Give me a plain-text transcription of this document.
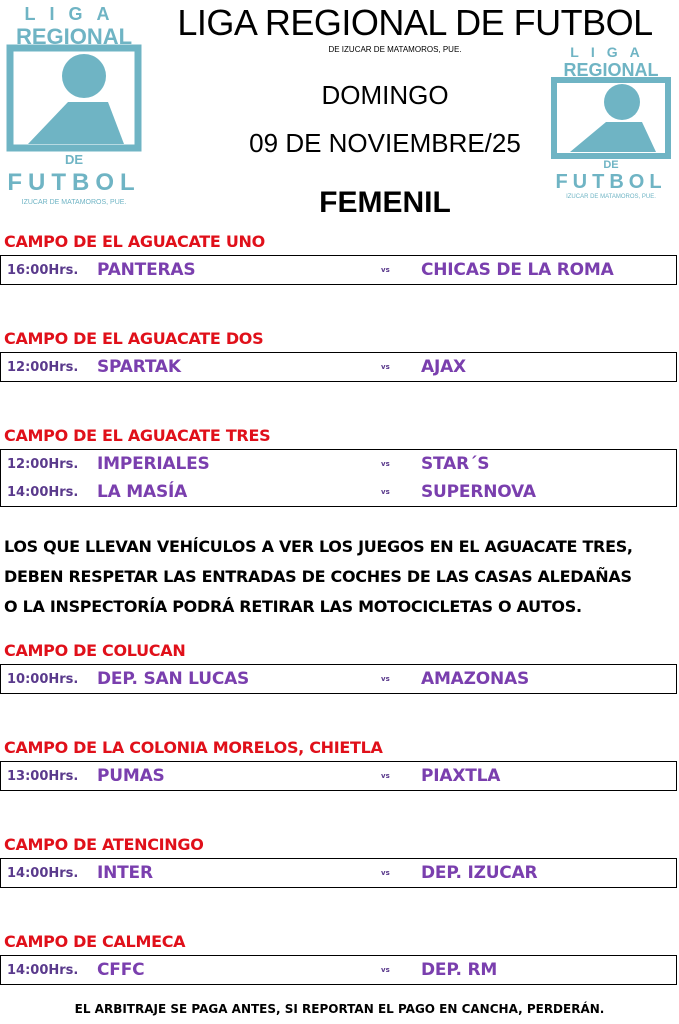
LIGA
REGIONAL
DE
FUTBOL
IZUCAR DE MATAMOROS, PUE.
LIGA
REGIONAL
DE
FUTBOL
IZUCAR DE MATAMOROS, PUE.
LIGA REGIONAL DE FUTBOL
DE IZUCAR DE MATAMOROS, PUE.
DOMINGO
09 DE NOVIEMBRE/25
FEMENIL
CAMPO DE EL AGUACATE UNO
16:00Hrs. PANTERAS	vs CHICAS DE LA ROMA
CAMPO DE EL AGUACATE DOS
12:00Hrs. SPARTAK	vs AJAX
CAMPO DE EL AGUACATE TRES
12:00Hrs. IMPERIALES	vs STAR´S
14:00Hrs. LA MASÍA	vs SUPERNOVA
LOS QUE LLEVAN VEHÍCULOS A VER LOS JUEGOS EN EL AGUACATE TRES,
DEBEN RESPETAR LAS ENTRADAS DE COCHES DE LAS CASAS ALEDAÑAS
O LA INSPECTORÍA PODRÁ RETIRAR LAS MOTOCICLETAS O AUTOS.
CAMPO DE COLUCAN
10:00Hrs. DEP. SAN LUCAS	vs AMAZONAS
CAMPO DE LA COLONIA MORELOS, CHIETLA
13:00Hrs. PUMAS	vs PIAXTLA
CAMPO DE ATENCINGO
14:00Hrs. INTER	vs DEP. IZUCAR
CAMPO DE CALMECA
14:00Hrs. CFFC	vs DEP. RM
EL ARBITRAJE SE PAGA ANTES, SI REPORTAN EL PAGO EN CANCHA, PERDERÁN.
